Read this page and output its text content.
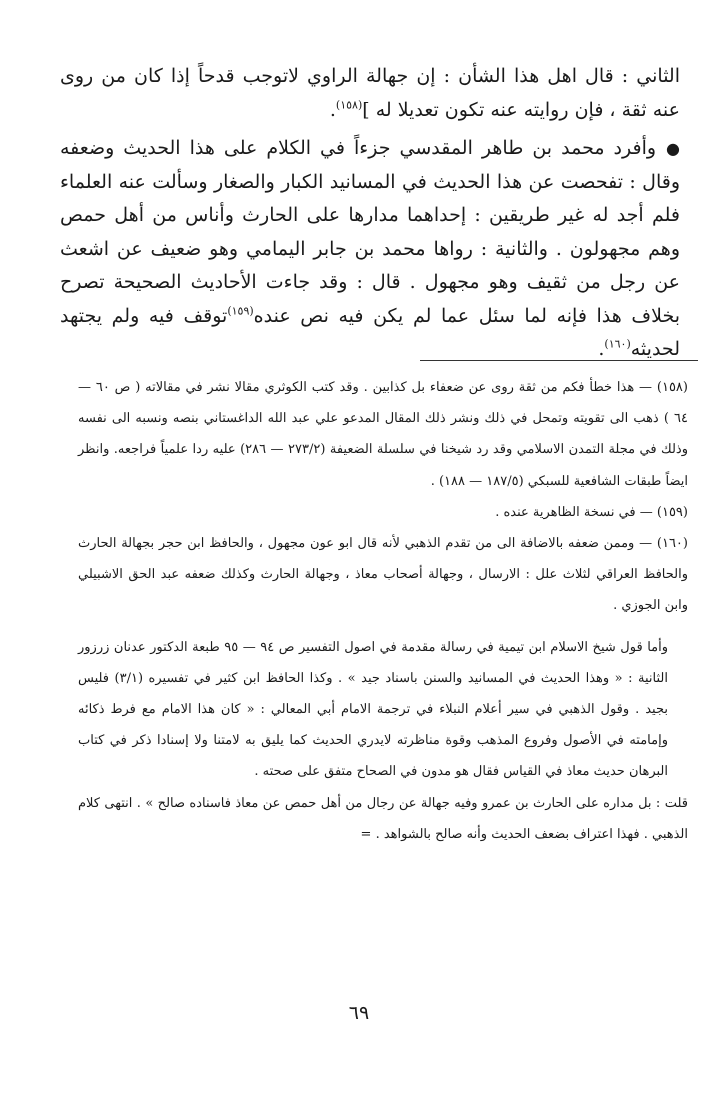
الثاني : قال اهل هذا الشأن : إن جهالة الراوي لاتوجب قدحاً إذا كان من روى عنه ثقة ، فإن روايته عنه تكون تعديلا له ]$^{(١٥٨)}$.

●وأفرد محمد بن طاهر المقدسي جزءاً في الكلام على هذا الحديث وضعفه وقال : تفحصت عن هذا الحديث في المسانيد الكبار والصغار وسألت عنه العلماء فلم أجد له غير طريقين : إحداهما مدارها على الحارث وأناس من أهل حمص وهم مجهولون . والثانية : رواها محمد بن جابر اليمامي وهو ضعيف عن اشعث عن رجل من ثقيف وهو مجهول . قال : وقد جاءت الأحاديث الصحيحة تصرح بخلاف هذا فإنه لما سئل عما لم يكن فيه نص عنده$^{(١٥٩)}$توقف فيه ولم يجتهد لحديثه$^{(١٦٠)}$.

(١٥٨) — هذا خطأ فكم من ثقة روى عن ضعفاء بل كذابين . وقد كتب الكوثري مقالا نشر في مقالاته ( ص ٦٠ — ٦٤ ) ذهب الى تقويته وتمحل في ذلك ونشر ذلك المقال المدعو علي عبد الله الداغستاني بنصه ونسبه الى نفسه وذلك في مجلة التمدن الاسلامي وقد رد شيخنا في سلسلة الضعيفة (٢٧٣/٢ — ٢٨٦) عليه ردا علمياً فراجعه. وانظر ايضاً طبقات الشافعية للسبكي (١٨٧/٥ — ١٨٨) .

(١٥٩) — في نسخة الظاهرية عنده .

(١٦٠) — وممن ضعفه بالاضافة الى من تقدم الذهبي لأنه قال ابو عون مجهول ، والحافظ ابن حجر بجهالة الحارث والحافظ العراقي لثلاث علل : الارسال ، وجهالة أصحاب معاذ ، وجهالة الحارث وكذلك ضعفه عبد الحق الاشبيلي وابن الجوزي .

وأما قول شيخ الاسلام ابن تيمية في رسالة مقدمة في اصول التفسير ص ٩٤ — ٩٥ طبعة الدكتور عدنان زرزور الثانية : « وهذا الحديث في المسانيد والسنن باسناد جيد » . وكذا الحافظ ابن كثير في تفسيره (٣/١) فليس بجيد . وقول الذهبي في سير أعلام النبلاء في ترجمة الامام أبي المعالي : « كان هذا الامام مع فرط ذكائه وإمامته في الأصول وفروع المذهب وقوة مناظرته لايدري الحديث كما يليق به لامتنا ولا إسنادا ذكر في كتاب البرهان حديث معاذ في القياس فقال هو مدون في الصحاح متفق على صحته .

قلت : بل مداره على الحارث بن عمرو وفيه جهالة عن رجال من أهل حمص عن معاذ فاسناده صالح » . انتهى كلام الذهبي . فهذا اعتراف بضعف الحديث وأنه صالح بالشواهد . =

٦٩
